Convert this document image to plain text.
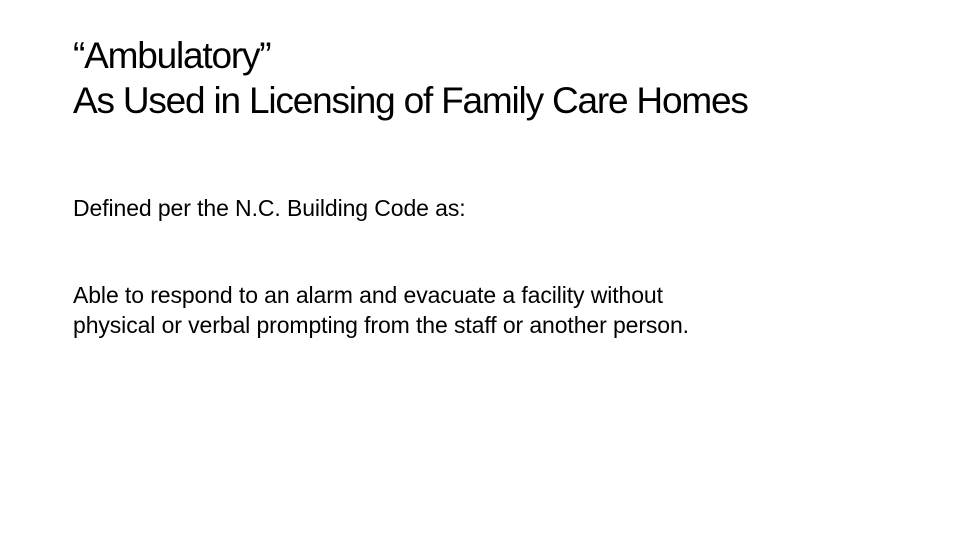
“Ambulatory”
As Used in Licensing of Family Care Homes

Defined per the N.C. Building Code as:

Able to respond to an alarm and evacuate a facility without
physical or verbal prompting from the staff or another person.
